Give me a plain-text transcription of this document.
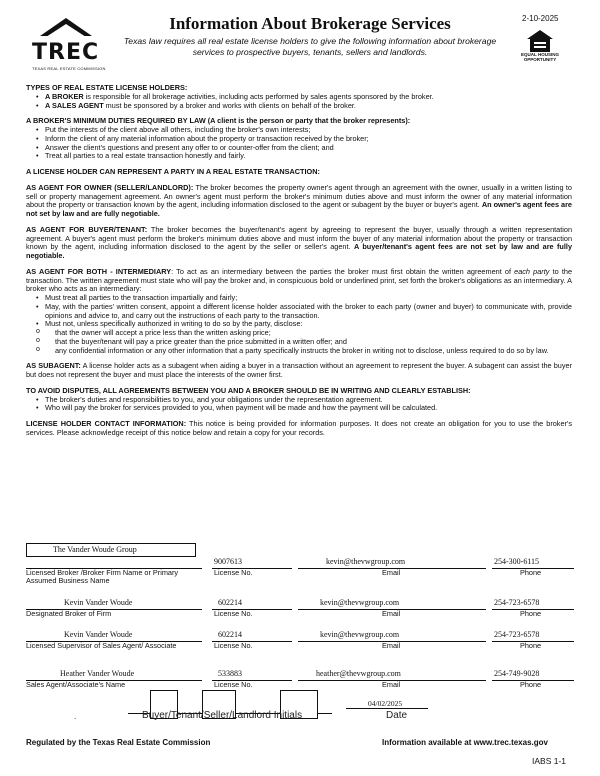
TREC
TEXAS REAL ESTATE COMMISSION
2-10-2025
Information About Brokerage Services
Texas law requires all real estate license holders to give the following information about brokerage services to prospective buyers, tenants, sellers and landlords.	EQUAL HOUSING OPPORTUNITY
TYPES OF REAL ESTATE LICENSE HOLDERS:
• A BROKER is responsible for all brokerage activities, including acts performed by sales agents sponsored by the broker.
• A SALES AGENT must be sponsored by a broker and works with clients on behalf of the broker.
A BROKER'S MINIMUM DUTIES REQUIRED BY LAW (A client is the person or party that the broker represents):
• Put the interests of the client above all others, including the broker's own interests;
• Inform the client of any material information about the property or transaction received by the broker;
• Answer the client's questions and present any offer to or counter-offer from the client; and
• Treat all parties to a real estate transaction honestly and fairly.
A LICENSE HOLDER CAN REPRESENT A PARTY IN A REAL ESTATE TRANSACTION:

AS AGENT FOR OWNER (SELLER/LANDLORD): The broker becomes the property owner's agent through an agreement with the owner, usually in a written listing to sell or property management agreement. An owner's agent must perform the broker's minimum duties above and must inform the owner of any material information about the property or transaction known by the agent, including information disclosed to the agent or subagent by the buyer or buyer's agent. An owner's agent fees are not set by law and are fully negotiable.

AS AGENT FOR BUYER/TENANT: The broker becomes the buyer/tenant's agent by agreeing to represent the buyer, usually through a written representation agreement. A buyer's agent must perform the broker's minimum duties above and must inform the buyer of any material information about the property or transaction known by the agent, including information disclosed to the agent by the seller or seller's agent. A buyer/tenant's agent fees are not set by law and are fully negotiable.

AS AGENT FOR BOTH - INTERMEDIARY: To act as an intermediary between the parties the broker must first obtain the written agreement of each party to the transaction. The written agreement must state who will pay the broker and, in conspicuous bold or underlined print, set forth the broker's obligations as an intermediary. A broker who acts as an intermediary:

• Must treat all parties to the transaction impartially and fairly;
• May, with the parties' written consent, appoint a different license holder associated with the broker to each party (owner and buyer) to communicate with, provide opinions and advice to, and carry out the instructions of each party to the transaction.
• Must not, unless specifically authorized in writing to do so by the party, disclose:
o that the owner will accept a price less than the written asking price;
o that the buyer/tenant will pay a price greater than the price submitted in a written offer; and
o any confidential information or any other information that a party specifically instructs the broker in writing not to disclose, unless required to do so by law.

AS SUBAGENT: A license holder acts as a subagent when aiding a buyer in a transaction without an agreement to represent the buyer. A subagent can assist the buyer but does not represent the buyer and must place the interests of the owner first.

TO AVOID DISPUTES, ALL AGREEMENTS BETWEEN YOU AND A BROKER SHOULD BE IN WRITING AND CLEARLY ESTABLISH:
• The broker's duties and responsibilities to you, and your obligations under the representation agreement.
• Who will pay the broker for services provided to you, when payment will be made and how the payment will be calculated.

LICENSE HOLDER CONTACT INFORMATION: This notice is being provided for information purposes. It does not create an obligation for you to use the broker's services. Please acknowledge receipt of this notice below and retain a copy for your records.

The Vander Woude Group
9007613	kevin@thevwgroup.com	254-300-6115
Licensed Broker /Broker Firm Name or Primary Assumed Business Name
License No.	Email	Phone
Kevin Vander Woude	602214	kevin@thevwgroup.com	254-723-6578
Designated Broker of Firm	License No.	Email	Phone
Kevin Vander Woude	602214	kevin@thevwgroup.com	254-723-6578
Licensed Supervisor of Sales Agent/ Associate	License No.	Email	Phone
Heather Vander Woude	533883	heather@thevwgroup.com	254-749-9028
Sales Agent/Associate's Name	License No.	Email	Phone
.	Buyer/Tenant/Seller/Landlord Initials
04/02/2025
Date
Regulated by the Texas Real Estate Commission	Information available at www.trec.texas.gov
IABS 1-1
